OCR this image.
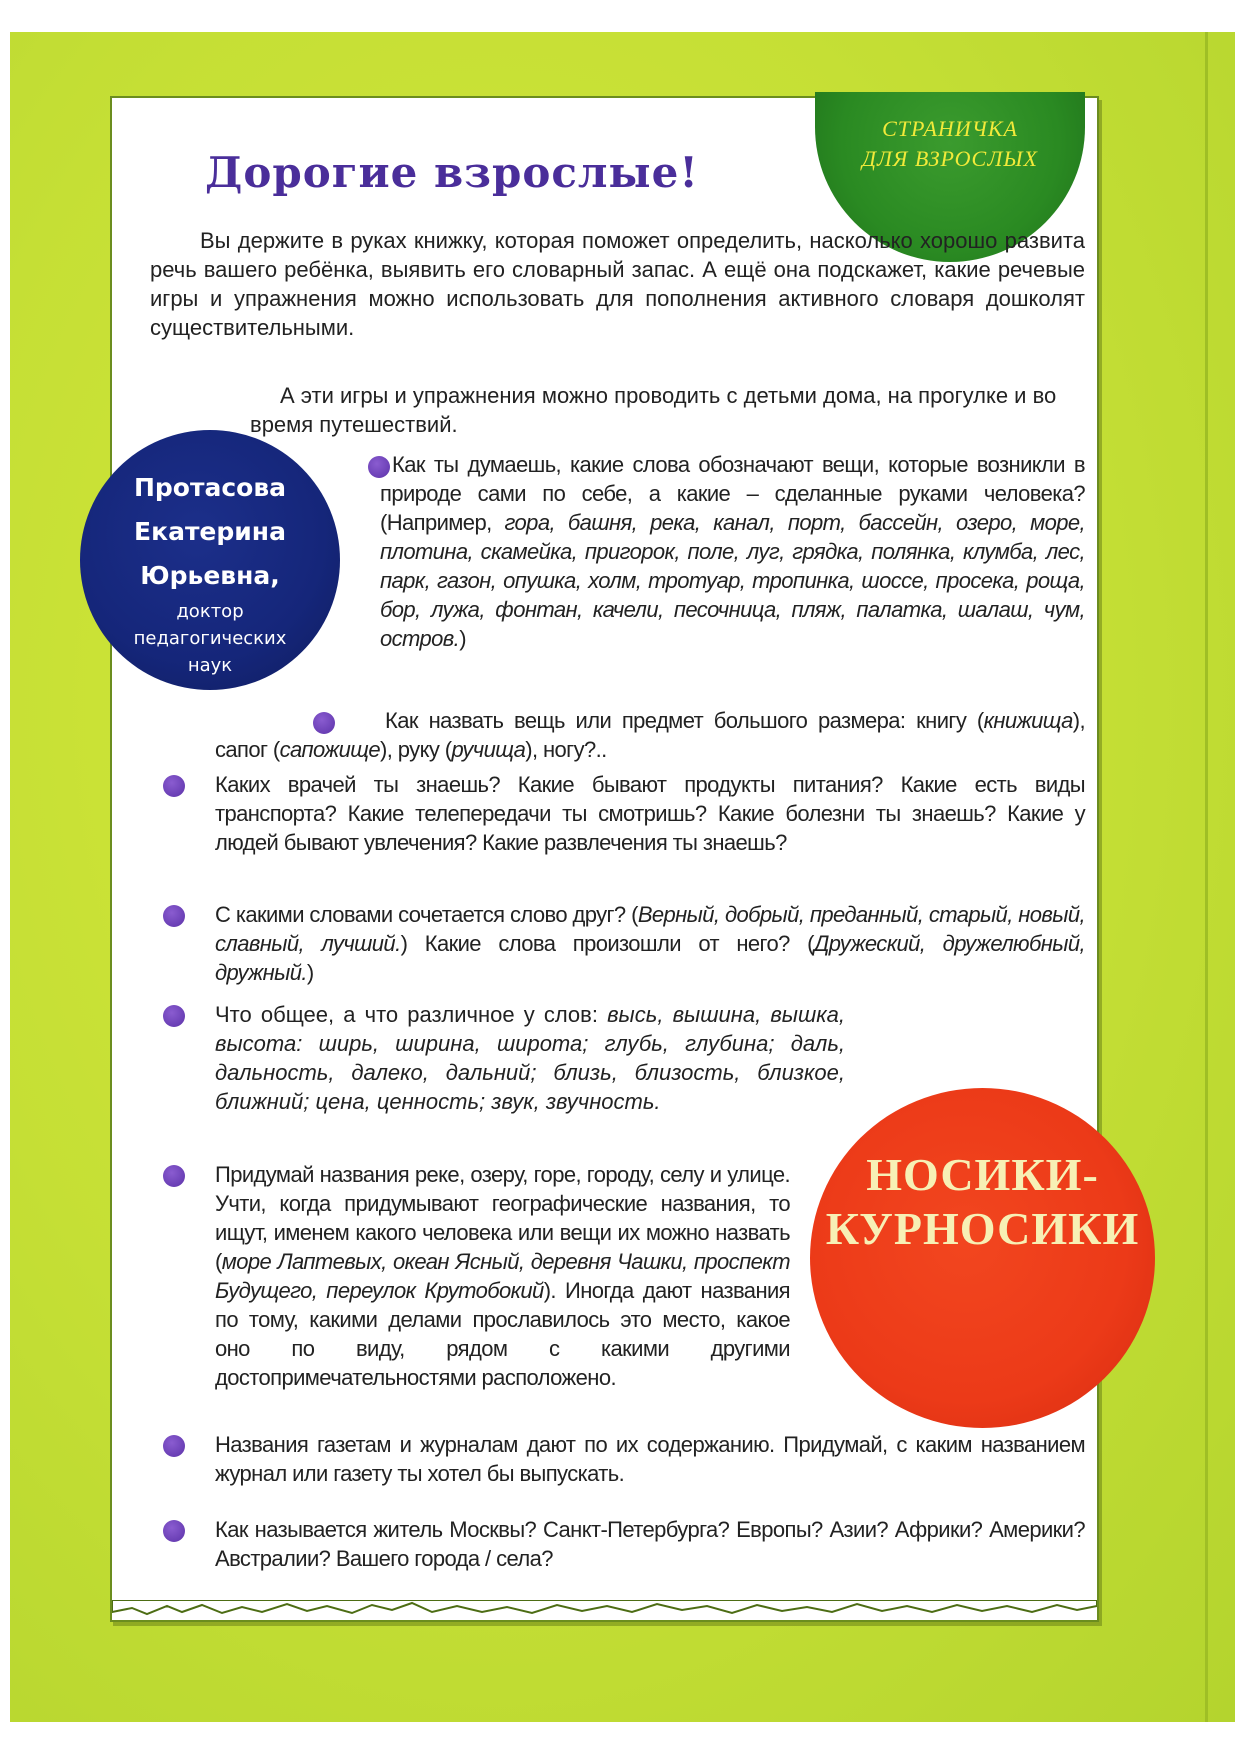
СТРАНИЧКА
ДЛЯ ВЗРОСЛЫХ
Дорогие взрослые!
Вы держите в руках книжку, которая поможет определить, насколько хорошо развита речь вашего ребёнка, выявить его словарный запас. А ещё она подскажет, какие речевые игры и упражнения можно использовать для пополнения активного словаря дошколят существительными.
А эти игры и упражнения можно проводить с детьми дома, на прогулке и во время путешествий.
Протасова
Екатерина
Юрьевна,
доктор
педагогических
наук
Как ты думаешь, какие слова обозначают вещи, которые возникли в природе сами по себе, а какие – сделанные руками человека? (Например, гора, башня, река, канал, порт, бассейн, озеро, море, плотина, скамейка, пригорок, поле, луг, грядка, полянка, клумба, лес, парк, газон, опушка, холм, тротуар, тропинка, шоссе, просека, роща, бор, лужа, фонтан, качели, песочница, пляж, палатка, шалаш, чум, остров.)
Как назвать вещь или предмет большого размера: книгу (книжища), сапог (сапожище), руку (ручища), ногу?..
Каких врачей ты знаешь? Какие бывают продукты питания? Какие есть виды транспорта? Какие телепередачи ты смотришь? Какие болезни ты знаешь? Какие у людей бывают увлечения? Какие развлечения ты знаешь?
С какими словами сочетается слово друг? (Верный, добрый, преданный, старый, новый, славный, лучший.) Какие слова произошли от него? (Дружеский, дружелюбный, дружный.)
Что общее, а что различное у слов: высь, вышина, вышка, высота: ширь, ширина, широта; глубь, глубина; даль, дальность, далеко, дальний; близь, близость, близкое, ближний; цена, ценность; звук, звучность.
Придумай названия реке, озеру, горе, городу, селу и улице. Учти, когда придумывают географические названия, то ищут, именем какого человека или вещи их можно назвать (море Лаптевых, океан Ясный, деревня Чашки, проспект Будущего, переулок Крутобокий). Иногда дают названия по тому, какими делами прославилось это место, какое оно по виду, рядом с какими другими достопримечательностями расположено.
Названия газетам и журналам дают по их содержанию. Придумай, с каким названием журнал или газету ты хотел бы выпускать.
Как называется житель Москвы? Санкт-Петербурга? Европы? Азии? Африки? Америки? Австралии? Вашего города / села?
НОСИКИ-
КУРНОСИКИ
